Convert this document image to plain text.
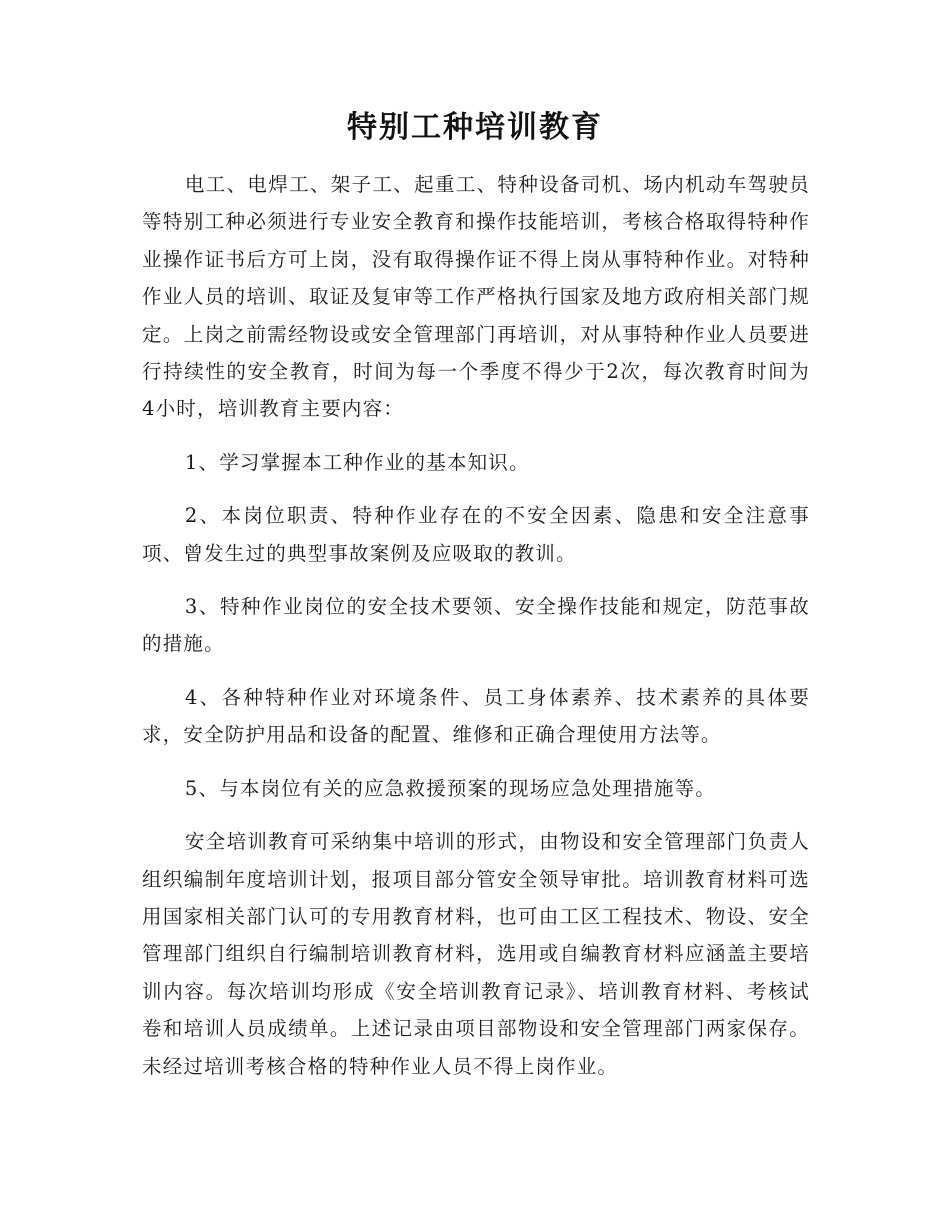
特别工种培训教育

电工、电焊工、架子工、起重工、特种设备司机、场内机动车驾驶员等特别工种必须进行专业安全教育和操作技能培训，考核合格取得特种作业操作证书后方可上岗，没有取得操作证不得上岗从事特种作业。对特种作业人员的培训、取证及复审等工作严格执行国家及地方政府相关部门规定。上岗之前需经物设或安全管理部门再培训，对从事特种作业人员要进行持续性的安全教育，时间为每一个季度不得少于2次，每次教育时间为4小时，培训教育主要内容：

1、学习掌握本工种作业的基本知识。

2、本岗位职责、特种作业存在的不安全因素、隐患和安全注意事项、曾发生过的典型事故案例及应吸取的教训。

3、特种作业岗位的安全技术要领、安全操作技能和规定，防范事故的措施。

4、各种特种作业对环境条件、员工身体素养、技术素养的具体要求，安全防护用品和设备的配置、维修和正确合理使用方法等。

5、与本岗位有关的应急救援预案的现场应急处理措施等。

安全培训教育可采纳集中培训的形式，由物设和安全管理部门负责人组织编制年度培训计划，报项目部分管安全领导审批。培训教育材料可选用国家相关部门认可的专用教育材料，也可由工区工程技术、物设、安全管理部门组织自行编制培训教育材料，选用或自编教育材料应涵盖主要培训内容。每次培训均形成《安全培训教育记录》、培训教育材料、考核试卷和培训人员成绩单。上述记录由项目部物设和安全管理部门两家保存。未经过培训考核合格的特种作业人员不得上岗作业。
